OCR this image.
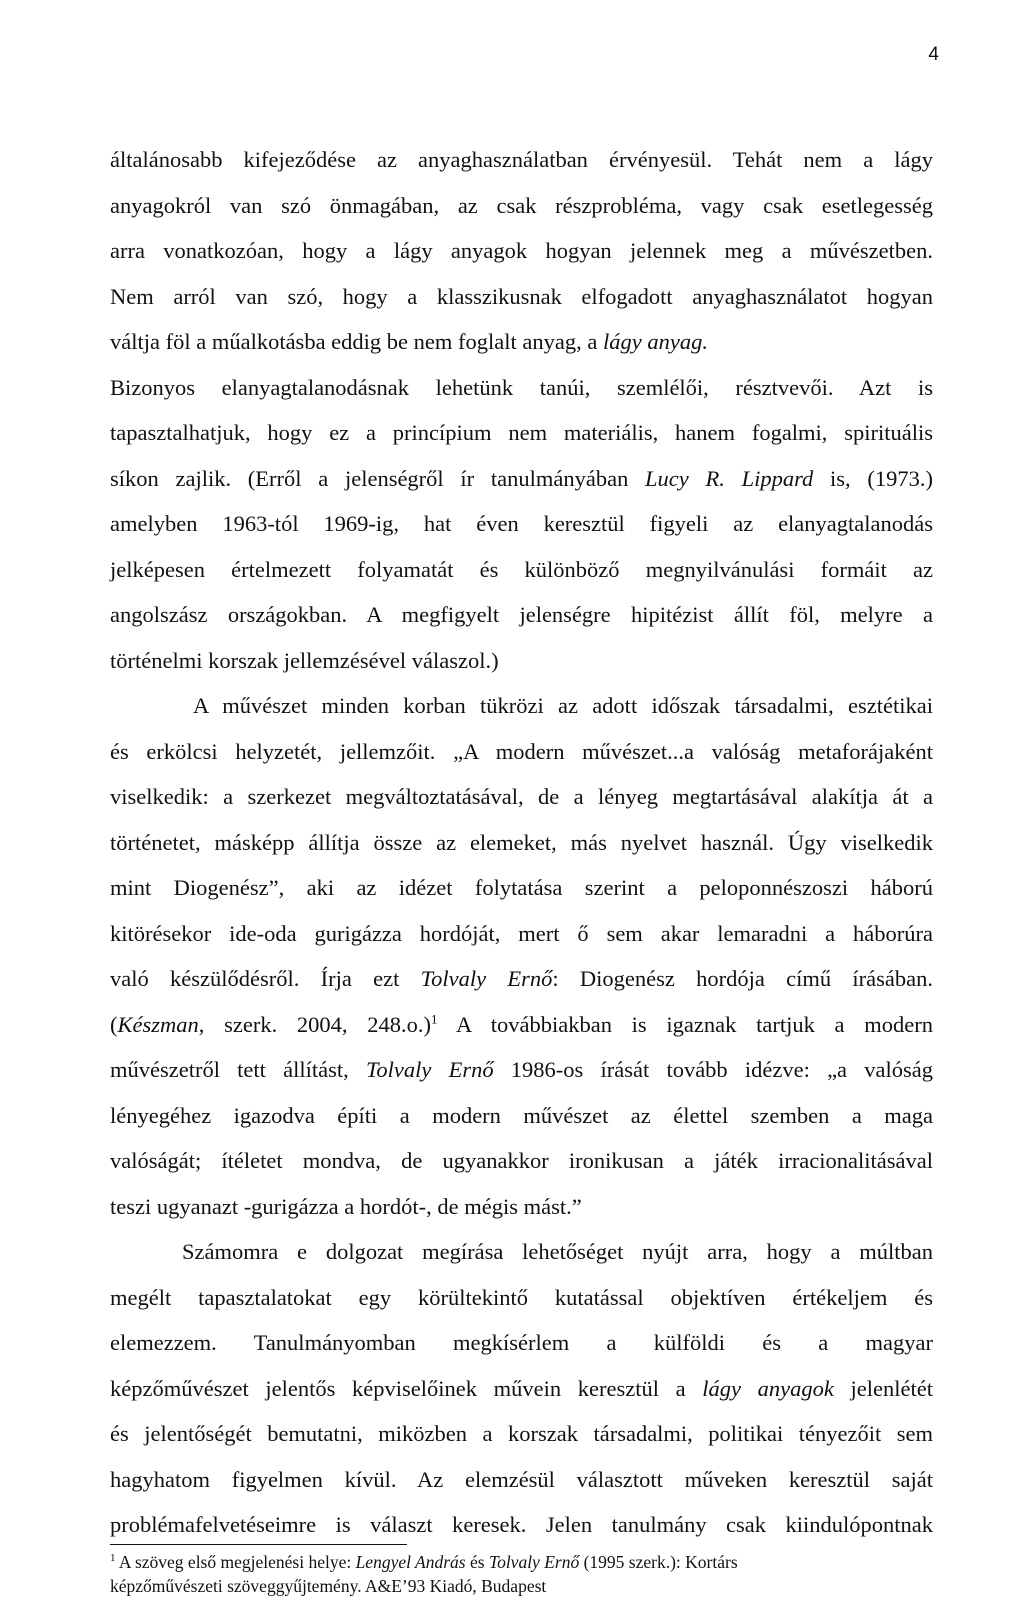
4

általánosabb kifejeződése az anyaghasználatban érvényesül. Tehát nem a lágy
anyagokról van szó önmagában, az csak részprobléma, vagy csak esetlegesség
arra vonatkozóan, hogy a lágy anyagok hogyan jelennek meg a művészetben.
Nem arról van szó, hogy a klasszikusnak elfogadott anyaghasználatot hogyan
váltja föl a műalkotásba eddig be nem foglalt anyag, a lágy anyag.
Bizonyos elanyagtalanodásnak lehetünk tanúi, szemlélői, résztvevői. Azt is
tapasztalhatjuk, hogy ez a princípium nem materiális, hanem fogalmi, spirituális
síkon zajlik. (Erről a jelenségről ír tanulmányában Lucy R. Lippard is, (1973.)
amelyben 1963-tól 1969-ig, hat éven keresztül figyeli az elanyagtalanodás
jelképesen értelmezett folyamatát és különböző megnyilvánulási formáit az
angolszász országokban. A megfigyelt jelenségre hipitézist állít föl, melyre a
történelmi korszak jellemzésével válaszol.)

A művészet minden korban tükrözi az adott időszak társadalmi, esztétikai
és erkölcsi helyzetét, jellemzőit. „A modern művészet...a valóság metaforájaként
viselkedik: a szerkezet megváltoztatásával, de a lényeg megtartásával alakítja át a
történetet, másképp állítja össze az elemeket, más nyelvet használ. Úgy viselkedik
mint Diogenész”, aki az idézet folytatása szerint a peloponnészoszi háború
kitörésekor ide-oda gurigázza hordóját, mert ő sem akar lemaradni a háborúra
való készülődésről. Írja ezt Tolvaly Ernő: Diogenész hordója című írásában.
(Készman, szerk. 2004, 248.o.)$^1$ A továbbiakban is igaznak tartjuk a modern
művészetről tett állítást, Tolvaly Ernő 1986-os írását tovább idézve: „a valóság
lényegéhez igazodva építi a modern művészet az élettel szemben a maga
valóságát; ítéletet mondva, de ugyanakkor ironikusan a játék irracionalitásával
teszi ugyanazt -gurigázza a hordót-, de mégis mást.”

Számomra e dolgozat megírása lehetőséget nyújt arra, hogy a múltban
megélt tapasztalatokat egy körültekintő kutatással objektíven értékeljem és
elemezzem. Tanulmányomban megkísérlem a külföldi és a magyar
képzőművészet jelentős képviselőinek művein keresztül a lágy anyagok jelenlétét
és jelentőségét bemutatni, miközben a korszak társadalmi, politikai tényezőit sem
hagyhatom figyelmen kívül. Az elemzésül választott műveken keresztül saját
problémafelvetéseimre is választ keresek. Jelen tanulmány csak kiindulópontnak

$^1$ A szöveg első megjelenési helye: Lengyel András és Tolvaly Ernő (1995 szerk.): Kortárs
képzőművészeti szöveggyűjtemény. A&E’93 Kiadó, Budapest
